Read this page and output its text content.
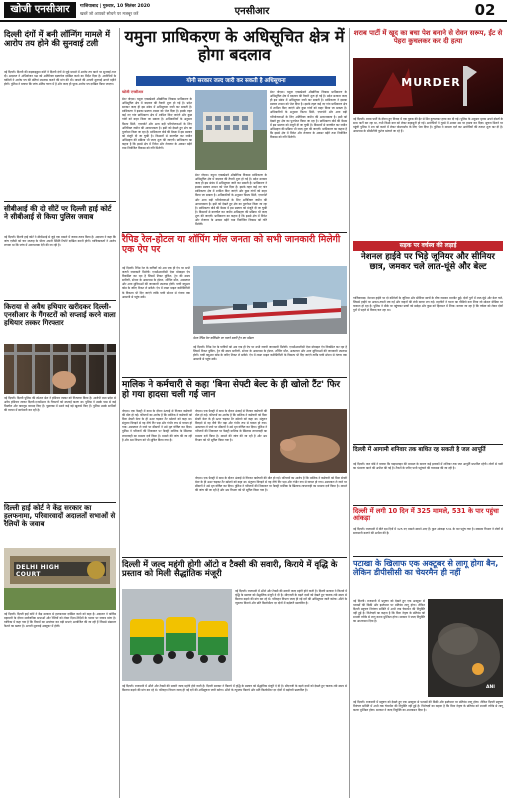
खोजी एनसीआर	गाजियाबाद | गुरुवार, 10 सितंबर 2020
खबरें जो आपको सोचने पर मजबूर करें	एनसीआर	02
दिल्ली दंगों में बनी लॉन्गिंग मामले में आरोप तय होने की सुनवाई टली
नई दिल्ली। दिल्ली की कड़कड़डूमा कोर्ट ने दिल्ली दंगों से जुड़े मामले में आरोप तय करने पर सुनवाई टाल दी। अदालत ने अभियोजन पक्ष को अतिरिक्त दस्तावेज दाखिल करने का निर्देश दिया है। आरोपियों के वकीलों ने आरोप पत्र की प्रतियां उपलब्ध कराने की मांग की थी। मामले की अगली सुनवाई अगले महीने होगी। पुलिस ने बताया कि जांच अंतिम चरण में है और जल्द ही पूरक आरोप पत्र दाखिल किया जाएगा।
सीबीआई की दो सीटें पर दिल्ली हाई कोर्ट ने सीबीआई से किया पुलिस जवाब
नई दिल्ली। दिल्ली हाई कोर्ट ने सीबीआई से जुड़े एक मामले में जवाब तलब किया है। अदालत ने कहा कि जांच एजेंसी को चार सप्ताह के भीतर अपनी स्थिति रिपोर्ट दाखिल करनी होगी। याचिकाकर्ता ने आरोप लगाया था कि जांच में अनावश्यक देरी की जा रही है।
किराया से अवैध हथियार खरीदकर दिल्ली-एनसीआर के गैंगस्टरों को सप्लाई करने वाला हथियार तस्कर गिरफ्तार
नई दिल्ली। दिल्ली पुलिस की स्पेशल सेल ने हथियार तस्कर को गिरफ्तार किया है। आरोपी मध्य प्रदेश से अवैध हथियार लाकर दिल्ली-एनसीआर के गैंगस्टरों को सप्लाई करता था। पुलिस ने उसके पास से कई पिस्तौल और कारतूस बरामद किए हैं। पूछताछ में उसने कई बड़े खुलासे किए हैं। पुलिस उसके साथियों की तलाश में छापेमारी कर रही है।
दिल्ली हाई कोर्ट ने केंद्र सरकार का हलफनामा, परिवारवादों अदालतों सभाओं से रैलियों के जवाब
DELHI HIGH COURT
नई दिल्ली। दिल्ली हाई कोर्ट ने केंद्र सरकार से हलफनामा दाखिल करने को कहा है। अदालत ने कोविड महामारी के दौरान सार्वजनिक सभाओं और रैलियों को लेकर दिशा-निर्देशों के पालन पर जवाब मांगा है। याचिका में कहा गया है कि नियमों का उल्लंघन कर बड़ी सभाएं आयोजित की जा रही हैं जिससे संक्रमण फैलने का खतरा है। अगली सुनवाई अक्टूबर में होगी।
यमुना प्राधिकरण के अधिसूचित क्षेत्र में होगा बदलाव
योगी सरकार जल्द जारी कर सकती है अधिसूचना
खोजी एनसीआर
ग्रेटर नोएडा। यमुना एक्सप्रेसवे औद्योगिक विकास प्राधिकरण के अधिसूचित क्षेत्र में बदलाव की तैयारी शुरू हो गई है। प्रदेश सरकार जल्द ही इस संबंध में अधिसूचना जारी कर सकती है। प्राधिकरण ने इसका प्रस्ताव शासन को भेज दिया है। इसके तहत कई नए गांव प्राधिकरण क्षेत्र में शामिल किए जाएंगे और कुछ गांवों को बाहर किया जा सकता है। अधिकारियों के अनुसार फिल्म सिटी, एयरपोर्ट और अन्य बड़ी परियोजनाओं के लिए अतिरिक्त जमीन की आवश्यकता है। इसी को देखते हुए क्षेत्र का पुनर्गठन किया जा रहा है। प्राधिकरण बोर्ड की बैठक में इस प्रस्ताव को मंजूरी दी जा चुकी है। किसानों से बातचीत कर जमीन अधिग्रहण की प्रक्रिया भी जल्द शुरू की जाएगी। प्राधिकरण का कहना है कि इससे क्षेत्र में निवेश और रोजगार के अवसर बढ़ेंगे तथा नियोजित विकास को गति मिलेगी।
ग्रेटर नोएडा। यमुना एक्सप्रेसवे औद्योगिक विकास प्राधिकरण के अधिसूचित क्षेत्र में बदलाव की तैयारी शुरू हो गई है। प्रदेश सरकार जल्द ही इस संबंध में अधिसूचना जारी कर सकती है। प्राधिकरण ने इसका प्रस्ताव शासन को भेज दिया है। इसके तहत कई नए गांव प्राधिकरण क्षेत्र में शामिल किए जाएंगे और कुछ गांवों को बाहर किया जा सकता है। अधिकारियों के अनुसार फिल्म सिटी, एयरपोर्ट और अन्य बड़ी परियोजनाओं के लिए अतिरिक्त जमीन की आवश्यकता है। इसी को देखते हुए क्षेत्र का पुनर्गठन किया जा रहा है। प्राधिकरण बोर्ड की बैठक में इस प्रस्ताव को मंजूरी दी जा चुकी है। किसानों से बातचीत कर जमीन अधिग्रहण की प्रक्रिया भी जल्द शुरू की जाएगी। प्राधिकरण का कहना है कि इससे क्षेत्र में निवेश और रोजगार के अवसर बढ़ेंगे तथा नियोजित विकास को गति मिलेगी।
ग्रेटर नोएडा। यमुना एक्सप्रेसवे औद्योगिक विकास प्राधिकरण के अधिसूचित क्षेत्र में बदलाव की तैयारी शुरू हो गई है। प्रदेश सरकार जल्द ही इस संबंध में अधिसूचना जारी कर सकती है। प्राधिकरण ने इसका प्रस्ताव शासन को भेज दिया है। इसके तहत कई नए गांव प्राधिकरण क्षेत्र में शामिल किए जाएंगे और कुछ गांवों को बाहर किया जा सकता है। अधिकारियों के अनुसार फिल्म सिटी, एयरपोर्ट और अन्य बड़ी परियोजनाओं के लिए अतिरिक्त जमीन की आवश्यकता है। इसी को देखते हुए क्षेत्र का पुनर्गठन किया जा रहा है। प्राधिकरण बोर्ड की बैठक में इस प्रस्ताव को मंजूरी दी जा चुकी है। किसानों से बातचीत कर जमीन अधिग्रहण की प्रक्रिया भी जल्द शुरू की जाएगी। प्राधिकरण का कहना है कि इससे क्षेत्र में निवेश और रोजगार के अवसर बढ़ेंगे तथा नियोजित विकास को गति मिलेगी।
रैपिड रेल-होटल या शॉपिंग मॉल जनता को सभी जानकारी मिलेगी एक ऐप पर
नई दिल्ली। रैपिड रेल के यात्रियों को अब एक ही ऐप पर सभी जरूरी जानकारी मिलेगी। एनसीआरटीसी ऐसा मोबाइल ऐप विकसित कर रहा है जिसमें टिकट बुकिंग, ट्रेन की समय सारिणी, स्टेशन के आसपास के होटल, शॉपिंग मॉल, अस्पताल और अन्य सुविधाओं की जानकारी उपलब्ध होगी। यात्री क्यूआर कोड के जरिए टिकट ले सकेंगे। ऐप में लास्ट माइल कनेक्टिविटी के विकल्प भी दिए जाएंगे ताकि यात्री स्टेशन से गंतव्य तक आसानी से पहुंच सकें।
मेरठ रैपिड रेल कॉरिडोर पर चलने वाली ट्रेन का मॉडल
नई दिल्ली। रैपिड रेल के यात्रियों को अब एक ही ऐप पर सभी जरूरी जानकारी मिलेगी। एनसीआरटीसी ऐसा मोबाइल ऐप विकसित कर रहा है जिसमें टिकट बुकिंग, ट्रेन की समय सारिणी, स्टेशन के आसपास के होटल, शॉपिंग मॉल, अस्पताल और अन्य सुविधाओं की जानकारी उपलब्ध होगी। यात्री क्यूआर कोड के जरिए टिकट ले सकेंगे। ऐप में लास्ट माइल कनेक्टिविटी के विकल्प भी दिए जाएंगे ताकि यात्री स्टेशन से गंतव्य तक आसानी से पहुंच सकें।
मालिक ने कर्मचारी से कहा 'बिना सेफ्टी बेल्ट के ही खोलो टैंट' फिर हो गया हादसा चली गई जान
नोएडा। एक फैक्ट्री में काम के दौरान ऊंचाई से गिरकर कर्मचारी की मौत हो गई। परिजनों का आरोप है कि मालिक ने कर्मचारी को बिना सेफ्टी बेल्ट के ही ऊपर चढ़कर टैंट खोलने को कहा था। संतुलन बिगड़ने से वह नीचे गिर पड़ा और गंभीर रूप से घायल हो गया। अस्पताल ले जाने पर डॉक्टरों ने उसे मृत घोषित कर दिया। पुलिस ने परिजनों की शिकायत पर फैक्ट्री मालिक के खिलाफ लापरवाही का मामला दर्ज किया है। मामले की जांच की जा रही है और श्रम विभाग को भी सूचित किया गया है।
नोएडा। एक फैक्ट्री में काम के दौरान ऊंचाई से गिरकर कर्मचारी की मौत हो गई। परिजनों का आरोप है कि मालिक ने कर्मचारी को बिना सेफ्टी बेल्ट के ही ऊपर चढ़कर टैंट खोलने को कहा था। संतुलन बिगड़ने से वह नीचे गिर पड़ा और गंभीर रूप से घायल हो गया। अस्पताल ले जाने पर डॉक्टरों ने उसे मृत घोषित कर दिया। पुलिस ने परिजनों की शिकायत पर फैक्ट्री मालिक के खिलाफ लापरवाही का मामला दर्ज किया है। मामले की जांच की जा रही है और श्रम विभाग को भी सूचित किया गया है।
नोएडा। एक फैक्ट्री में काम के दौरान ऊंचाई से गिरकर कर्मचारी की मौत हो गई। परिजनों का आरोप है कि मालिक ने कर्मचारी को बिना सेफ्टी बेल्ट के ही ऊपर चढ़कर टैंट खोलने को कहा था। संतुलन बिगड़ने से वह नीचे गिर पड़ा और गंभीर रूप से घायल हो गया। अस्पताल ले जाने पर डॉक्टरों ने उसे मृत घोषित कर दिया। पुलिस ने परिजनों की शिकायत पर फैक्ट्री मालिक के खिलाफ लापरवाही का मामला दर्ज किया है। मामले की जांच की जा रही है और श्रम विभाग को भी सूचित किया गया है।
दिल्ली में जल्द महंगी होगी ऑटो व टैक्सी की सवारी, किराये में वृद्धि के प्रस्ताव को मिली सैद्धांतिक मंजूरी
नई दिल्ली। राजधानी में ऑटो और टैक्सी की सवारी जल्द महंगी होने वाली है। दिल्ली सरकार ने किराये में वृद्धि के प्रस्ताव को सैद्धांतिक मंजूरी दे दी है। सीएनजी के बढ़ते दामों को देखते हुए चालक लंबे समय से किराया बढ़ाने की मांग कर रहे थे। परिवहन विभाग जल्द ही नई दरों की अधिसूचना जारी करेगा। ऑटो के न्यूनतम किराये और प्रति किलोमीटर दर दोनों में बढ़ोतरी प्रस्तावित है।
नई दिल्ली। राजधानी में ऑटो और टैक्सी की सवारी जल्द महंगी होने वाली है। दिल्ली सरकार ने किराये में वृद्धि के प्रस्ताव को सैद्धांतिक मंजूरी दे दी है। सीएनजी के बढ़ते दामों को देखते हुए चालक लंबे समय से किराया बढ़ाने की मांग कर रहे थे। परिवहन विभाग जल्द ही नई दरों की अधिसूचना जारी करेगा। ऑटो के न्यूनतम किराये और प्रति किलोमीटर दर दोनों में बढ़ोतरी प्रस्तावित है।
शराब पार्टी में खूद का बचा पेश बनाने से रोवन सरूप, ईंट से पेहरा कुचलकर कर दी हत्या
MURDER
नई दिल्ली। शराब पार्टी के दौरान हुए विवाद में एक युवक की ईंट से सिर कुचलकर हत्या कर दी गई। पुलिस के अनुसार मृतक अपने दोस्तों के साथ पार्टी कर रहा था, तभी किसी बात को लेकर कहासुनी हो गई। आरोपियों ने गुस्से में आकर उस पर हमला कर दिया। सूचना मिलने पर पहुंची पुलिस ने शव को कब्जे में लेकर पोस्टमार्टम के लिए भेज दिया है। पुलिस ने मामला दर्ज कर आरोपियों की तलाश शुरू कर दी है। आसपास के सीसीटीवी फुटेज खंगाले जा रहे हैं।
सड़क पर वर्चस्व की लड़ाई
नेशनल हाईवे पर भिड़े जूनियर और सीनियर छात्र, जमकर चले लात-घूंसे और बेल्ट
गाजियाबाद। नेशनल हाईवे पर दो कॉलेजों के जूनियर और सीनियर छात्रों के बीच जमकर मारपीट हुई। दोनों गुटों में लात-घूंसे और बेल्ट चले, जिससे हाईवे पर अफरा-तफरी मच गई और वाहनों की लंबी कतार लग गई। राहगीरों ने घटना का वीडियो बना लिया जो सोशल मीडिया पर वायरल हो रहा है। पुलिस ने मौके पर पहुंचकर छात्रों को खदेड़ा और कुछ को हिरासत में लिया। बताया जा रहा है कि वर्चस्व को लेकर दोनों गुटों में पहले से विवाद चल रहा था।
दिल्ली में आगामी शनिवार तक बाधित रह सकती है जल आपूर्ति
नई दिल्ली। जल बोर्ड ने बताया कि पाइपलाइन की मरम्मत के कारण कई इलाकों में शनिवार तक जल आपूर्ति प्रभावित रहेगी। लोगों से पानी का भंडारण करने की अपील की गई है। टैंकरों के जरिए पानी पहुंचाने की व्यवस्था की जा रही है।
दिल्ली में लगी 10 दिन में 325 मामले, 531 के पार पहुंचा आंकड़ा
नई दिल्ली। राजधानी में बीते दस दिनों में 325 नए मामले सामने आए हैं। कुल आंकड़ा 531 के पार पहुंच गया है। स्वास्थ्य विभाग ने लोगों से सावधानी बरतने की अपील की है।
पटाखा के खिलाफ एक अक्टूबर से लागू होगा बैन, लेकिन डीपीसीसी का चेयरमैन ही नहीं
नई दिल्ली। राजधानी में प्रदूषण को देखते हुए एक अक्टूबर से पटाखों की बिक्री और इस्तेमाल पर प्रतिबंध लागू होगा। लेकिन दिल्ली प्रदूषण नियंत्रण समिति में अभी तक चेयरमैन की नियुक्ति नहीं हुई है। विशेषज्ञों का कहना है कि बिना नेतृत्व के प्रतिबंध को प्रभावी तरीके से लागू करना मुश्किल होगा। सरकार ने जल्द नियुक्ति का आश्वासन दिया है।
ANI
नई दिल्ली। राजधानी में प्रदूषण को देखते हुए एक अक्टूबर से पटाखों की बिक्री और इस्तेमाल पर प्रतिबंध लागू होगा। लेकिन दिल्ली प्रदूषण नियंत्रण समिति में अभी तक चेयरमैन की नियुक्ति नहीं हुई है। विशेषज्ञों का कहना है कि बिना नेतृत्व के प्रतिबंध को प्रभावी तरीके से लागू करना मुश्किल होगा। सरकार ने जल्द नियुक्ति का आश्वासन दिया है।
